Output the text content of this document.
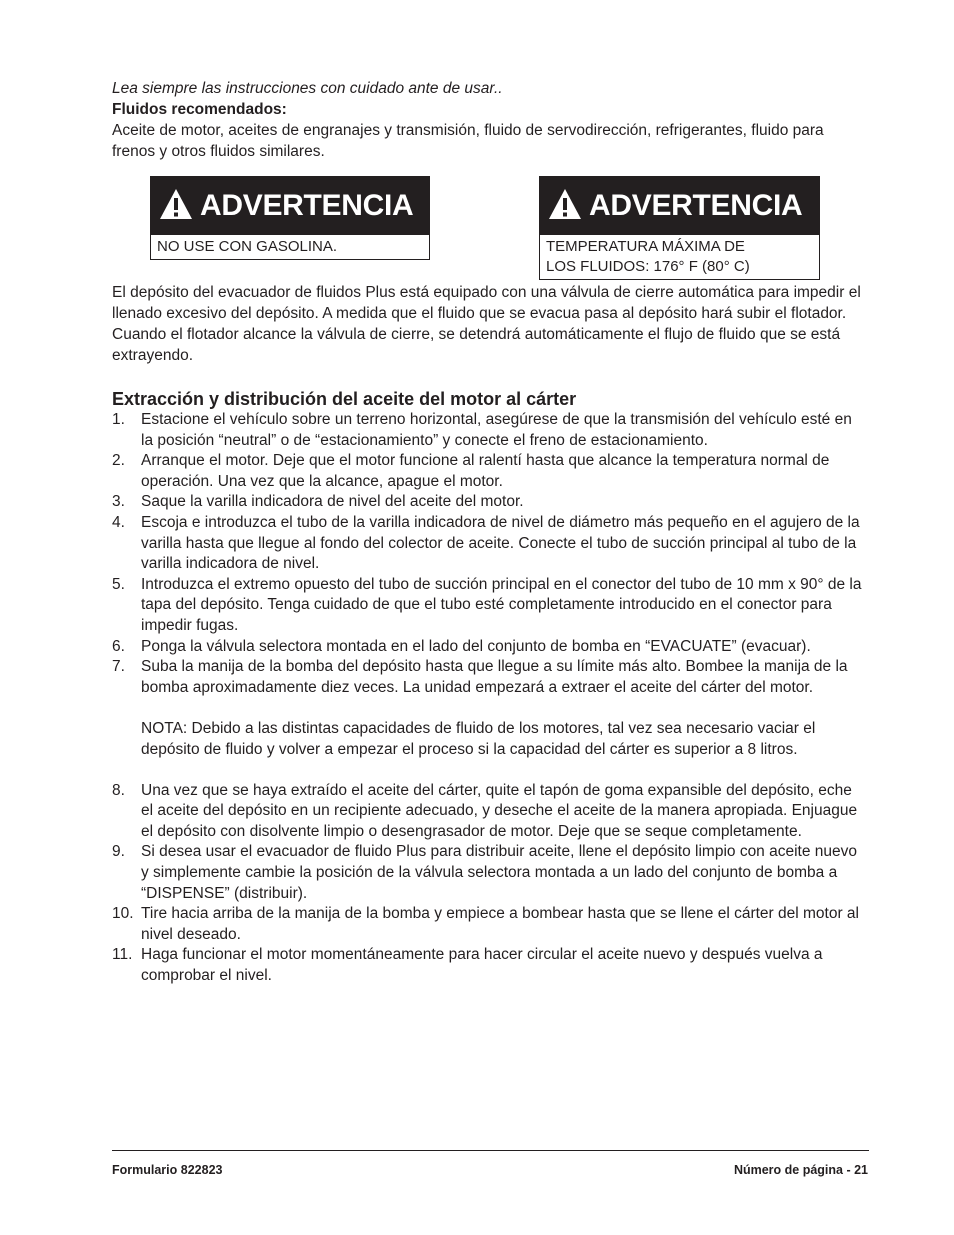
Lea siempre las instrucciones con cuidado ante de usar..

Fluidos recomendados:

Aceite de motor, aceites de engranajes y transmisión, fluido de servodirección, refrigerantes, fluido para frenos y otros fluidos similares.

ADVERTENCIA
NO USE CON GASOLINA.
ADVERTENCIA
TEMPERATURA MÁXIMA DE
LOS FLUIDOS: 176° F (80° C)

El depósito del evacuador de fluidos Plus está equipado con una válvula de cierre automática para impedir el llenado excesivo del depósito. A medida que el fluido que se evacua pasa al depósito hará subir el flotador. Cuando el flotador alcance la válvula de cierre, se detendrá automáticamente el flujo de fluido que se está extrayendo.

Extracción y distribución del aceite del motor al cárter
1. Estacione el vehículo sobre un terreno horizontal, asegúrese de que la transmisión del vehículo esté en la posición “neutral” o de “estacionamiento” y conecte el freno de estacionamiento.
2. Arranque el motor. Deje que el motor funcione al ralentí hasta que alcance la temperatura normal de operación. Una vez que la alcance, apague el motor.
3. Saque la varilla indicadora de nivel del aceite del motor.
4. Escoja e introduzca el tubo de la varilla indicadora de nivel de diámetro más pequeño en el agujero de la varilla hasta que llegue al fondo del colector de aceite. Conecte el tubo de succión principal al tubo de la varilla indicadora de nivel.
5. Introduzca el extremo opuesto del tubo de succión principal en el conector del tubo de 10 mm x 90° de la tapa del depósito. Tenga cuidado de que el tubo esté completamente introducido en el conector para impedir fugas.
6. Ponga la válvula selectora montada en el lado del conjunto de bomba en “EVACUATE” (evacuar).
7. Suba la manija de la bomba del depósito hasta que llegue a su límite más alto. Bombee la manija de la bomba aproximadamente diez veces. La unidad empezará a extraer el aceite del cárter del motor.
NOTA: Debido a las distintas capacidades de fluido de los motores, tal vez sea necesario vaciar el depósito de fluido y volver a empezar el proceso si la capacidad del cárter es superior a 8 litros.
8. Una vez que se haya extraído el aceite del cárter, quite el tapón de goma expansible del depósito, eche el aceite del depósito en un recipiente adecuado, y deseche el aceite de la manera apropiada. Enjuague el depósito con disolvente limpio o desengrasador de motor. Deje que se seque completamente.
9. Si desea usar el evacuador de fluido Plus para distribuir aceite, llene el depósito limpio con aceite nuevo y simplemente cambie la posición de la válvula selectora montada a un lado del conjunto de bomba a “DISPENSE” (distribuir).
10. Tire hacia arriba de la manija de la bomba y empiece a bombear hasta que se llene el cárter del motor al nivel deseado.
11. Haga funcionar el motor momentáneamente para hacer circular el aceite nuevo y después vuelva a comprobar el nivel.
Formulario 822823	Número de página - 21
